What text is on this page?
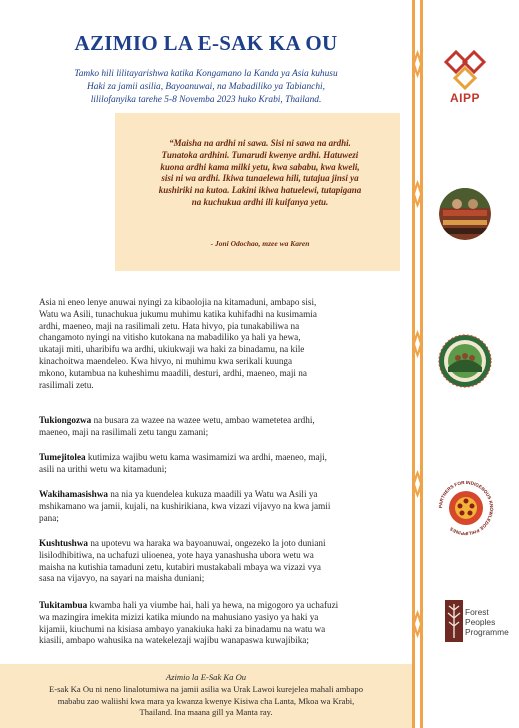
AZIMIO LA E-SAK KA OU
Tamko hili lilitayarishwa katika Kongamano la Kanda ya Asia kuhusu
Haki za jamii asilia, Bayoanuwai, na Mabadiliko ya Tabianchi,
lililofanyika tarehe 5-8 Novemba 2023 huko Krabi, Thailand.
“Maisha na ardhi ni sawa. Sisi ni sawa na ardhi.
Tunatoka ardhini. Tunarudi kwenye ardhi. Hatuwezi
kuona ardhi kama milki yetu, kwa sababu, kwa kweli,
sisi ni wa ardhi. Ikiwa tunaelewa hili, tutajua jinsi ya
kushiriki na kutoa. Lakini ikiwa hatuelewi, tutapigana
na kuchukua ardhi ili kuifanya yetu.
- Joni Odochao, mzee wa Karen
Asia ni eneo lenye anuwai nyingi za kibaolojia na kitamaduni, ambapo sisi,
Watu wa Asili, tunachukua jukumu muhimu katika kuhifadhi na kusimamia
ardhi, maeneo, maji na rasilimali zetu. Hata hivyo, pia tunakabiliwa na
changamoto nyingi na vitisho kutokana na mabadiliko ya hali ya hewa,
ukataji miti, uharibifu wa ardhi, ukiukwaji wa haki za binadamu, na kile
kinachoitwa maendeleo. Kwa hivyo, ni muhimu kwa serikali kuunga
mkono, kutambua na kuheshimu maadili, desturi, ardhi, maeneo, maji na
rasilimali zetu.
Tukiongozwa na busara za wazee na wazee wetu, ambao wametetea ardhi,
maeneo, maji na rasilimali zetu tangu zamani;
Tumejitolea kutimiza wajibu wetu kama wasimamizi wa ardhi, maeneo, maji,
asili na urithi wetu wa kitamaduni;
Wakihamasishwa na nia ya kuendelea kukuza maadili ya Watu wa Asili ya
mshikamano wa jamii, kujali, na kushirikiana, kwa vizazi vijavyo na kwa jamii
pana;
Kushtushwa na upotevu wa haraka wa bayoanuwai, ongezeko la joto duniani
lisilodhibitiwa, na uchafuzi ulioenea, yote haya yanashusha ubora wetu wa
maisha na kutishia tamaduni zetu, kutabiri mustakabali mbaya wa vizazi vya
sasa na vijavyo, na sayari na maisha duniani;
Tukitambua kwamba hali ya viumbe hai, hali ya hewa, na migogoro ya uchafuzi
wa mazingira imekita mizizi katika miundo na mahusiano yasiyo ya haki ya
kijamii, kiuchumi na kisiasa ambayo yanakiuka haki za binadamu na watu wa
kiasili, ambapo wahusika na watekelezaji wajibu wanapaswa kuwajibika;
Azimio la E-Sak Ka Ou
E-sak Ka Ou ni neno linalotumiwa na jamii asilia wa Urak Lawoi kurejelea mahali ambapo
mababu zao waliishi kwa mara ya kwanza kwenye Kisiwa cha Lanta, Mkoa wa Krabi,
Thailand. Ina maana gill ya Manta ray.
AIPP
PARTNERS FOR INDIGENOUS KNOWLEDGE PHILIPPINES
Forest
Peoples
Programme
